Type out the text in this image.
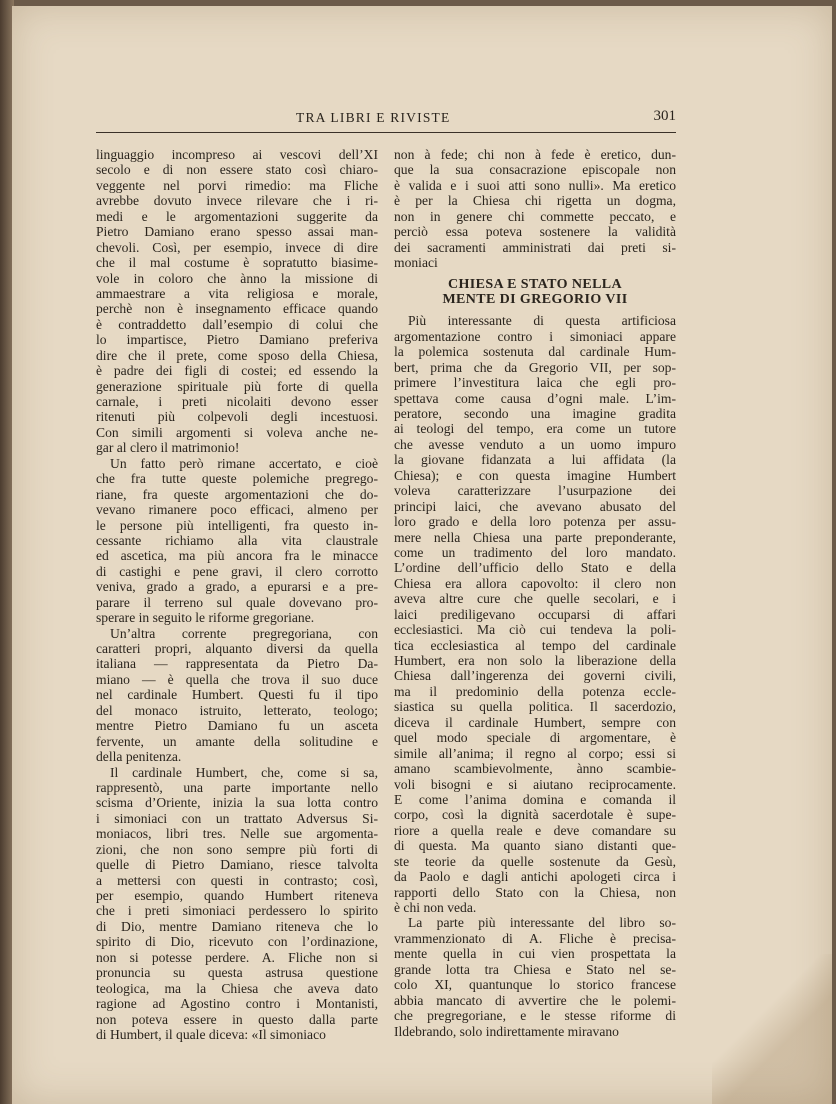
TRA LIBRI E RIVISTE	301
linguaggio incompreso ai vescovi dell’XI
secolo e di non essere stato così chiaro-
veggente nel porvi rimedio: ma Fliche
avrebbe dovuto invece rilevare che i ri-
medi e le argomentazioni suggerite da
Pietro Damiano erano spesso assai man-
chevoli. Così, per esempio, invece di dire
che il mal costume è sopratutto biasime-
vole in coloro che ànno la missione di
ammaestrare a vita religiosa e morale,
perchè non è insegnamento efficace quando
è contraddetto dall’esempio di colui che
lo impartisce, Pietro Damiano preferiva
dire che il prete, come sposo della Chiesa,
è padre dei figli di costei; ed essendo la
generazione spirituale più forte di quella
carnale, i preti nicolaiti devono esser
ritenuti più colpevoli degli incestuosi.
Con simili argomenti si voleva anche ne-
gar al clero il matrimonio!
Un fatto però rimane accertato, e cioè
che fra tutte queste polemiche pregrego-
riane, fra queste argomentazioni che do-
vevano rimanere poco efficaci, almeno per
le persone più intelligenti, fra questo in-
cessante richiamo alla vita claustrale
ed ascetica, ma più ancora fra le minacce
di castighi e pene gravi, il clero corrotto
veniva, grado a grado, a epurarsi e a pre-
parare il terreno sul quale dovevano pro-
sperare in seguito le riforme gregoriane.
Un’altra corrente pregregoriana, con
caratteri propri, alquanto diversi da quella
italiana — rappresentata da Pietro Da-
miano — è quella che trova il suo duce
nel cardinale Humbert. Questi fu il tipo
del monaco istruito, letterato, teologo;
mentre Pietro Damiano fu un asceta
fervente, un amante della solitudine e
della penitenza.
Il cardinale Humbert, che, come si sa,
rappresentò, una parte importante nello
scisma d’Oriente, inizia la sua lotta contro
i simoniaci con un trattato Adversus Si-
moniacos, libri tres. Nelle sue argomenta-
zioni, che non sono sempre più forti di
quelle di Pietro Damiano, riesce talvolta
a mettersi con questi in contrasto; così,
per esempio, quando Humbert riteneva
che i preti simoniaci perdessero lo spirito
di Dio, mentre Damiano riteneva che lo
spirito di Dio, ricevuto con l’ordinazione,
non si potesse perdere. A. Fliche non si
pronuncia su questa astrusa questione
teologica, ma la Chiesa che aveva dato
ragione ad Agostino contro i Montanisti,
non poteva essere in questo dalla parte
di Humbert, il quale diceva: «Il simoniaco
non à fede; chi non à fede è eretico, dun-
que la sua consacrazione episcopale non
è valida e i suoi atti sono nulli». Ma eretico
è per la Chiesa chi rigetta un dogma,
non in genere chi commette peccato, e
perciò essa poteva sostenere la validità
dei sacramenti amministrati dai preti si-
moniaci
CHIESA E STATO NELLA
MENTE DI GREGORIO VII
Più interessante di questa artificiosa
argomentazione contro i simoniaci appare
la polemica sostenuta dal cardinale Hum-
bert, prima che da Gregorio VII, per sop-
primere l’investitura laica che egli pro-
spettava come causa d’ogni male. L’im-
peratore, secondo una imagine gradita
ai teologi del tempo, era come un tutore
che avesse venduto a un uomo impuro
la giovane fidanzata a lui affidata (la
Chiesa); e con questa imagine Humbert
voleva caratterizzare l’usurpazione dei
principi laici, che avevano abusato del
loro grado e della loro potenza per assu-
mere nella Chiesa una parte preponderante,
come un tradimento del loro mandato.
L’ordine dell’ufficio dello Stato e della
Chiesa era allora capovolto: il clero non
aveva altre cure che quelle secolari, e i
laici prediligevano occuparsi di affari
ecclesiastici. Ma ciò cui tendeva la poli-
tica ecclesiastica al tempo del cardinale
Humbert, era non solo la liberazione della
Chiesa dall’ingerenza dei governi civili,
ma il predominio della potenza eccle-
siastica su quella politica. Il sacerdozio,
diceva il cardinale Humbert, sempre con
quel modo speciale di argomentare, è
simile all’anima; il regno al corpo; essi si
amano scambievolmente, ànno scambie-
voli bisogni e si aiutano reciprocamente.
E come l’anima domina e comanda il
corpo, così la dignità sacerdotale è supe-
riore a quella reale e deve comandare su
di questa. Ma quanto siano distanti que-
ste teorie da quelle sostenute da Gesù,
da Paolo e dagli antichi apologeti circa i
rapporti dello Stato con la Chiesa, non
è chi non veda.
La parte più interessante del libro so-
vrammenzionato di A. Fliche è precisa-
mente quella in cui vien prospettata la
grande lotta tra Chiesa e Stato nel se-
colo XI, quantunque lo storico francese
abbia mancato di avvertire che le polemi-
che pregregoriane, e le stesse riforme di
Ildebrando, solo indirettamente miravano
